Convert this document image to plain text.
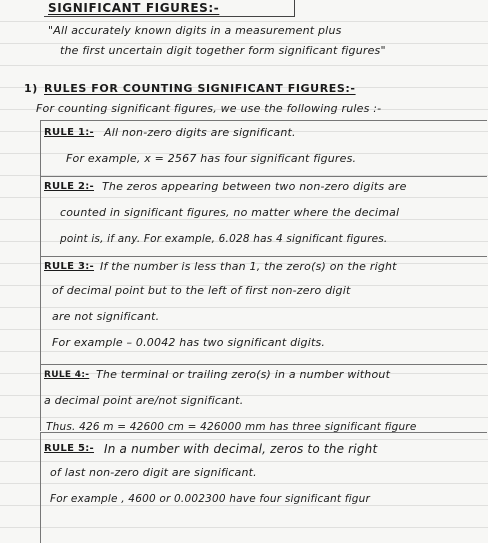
SIGNIFICANT FIGURES:-
"All accurately known digits in a measurement plus
the first uncertain digit together form significant figures"
1) RULES FOR COUNTING SIGNIFICANT FIGURES:-
For counting significant figures, we use the following rules :-
RULE 1:- All non-zero digits are significant.
For example, x = 2567 has four significant figures.
RULE 2:- The zeros appearing between two non-zero digits are
counted in significant figures, no matter where the decimal
point is, if any. For example, 6.028 has 4 significant figures.
RULE 3:- If the number is less than 1, the zero(s) on the right
of decimal point but to the left of first non-zero digit
are not significant.
For example – 0.0042 has two significant digits.
RULE 4:- The terminal or trailing zero(s) in a number without
a decimal point are/not significant.
Thus. 426 m = 42600 cm = 426000 mm has three significant figure
RULE 5:- In a number with decimal, zeros to the right
of last non-zero digit are significant.
For example , 4600 or 0.002300 have four significant figur
